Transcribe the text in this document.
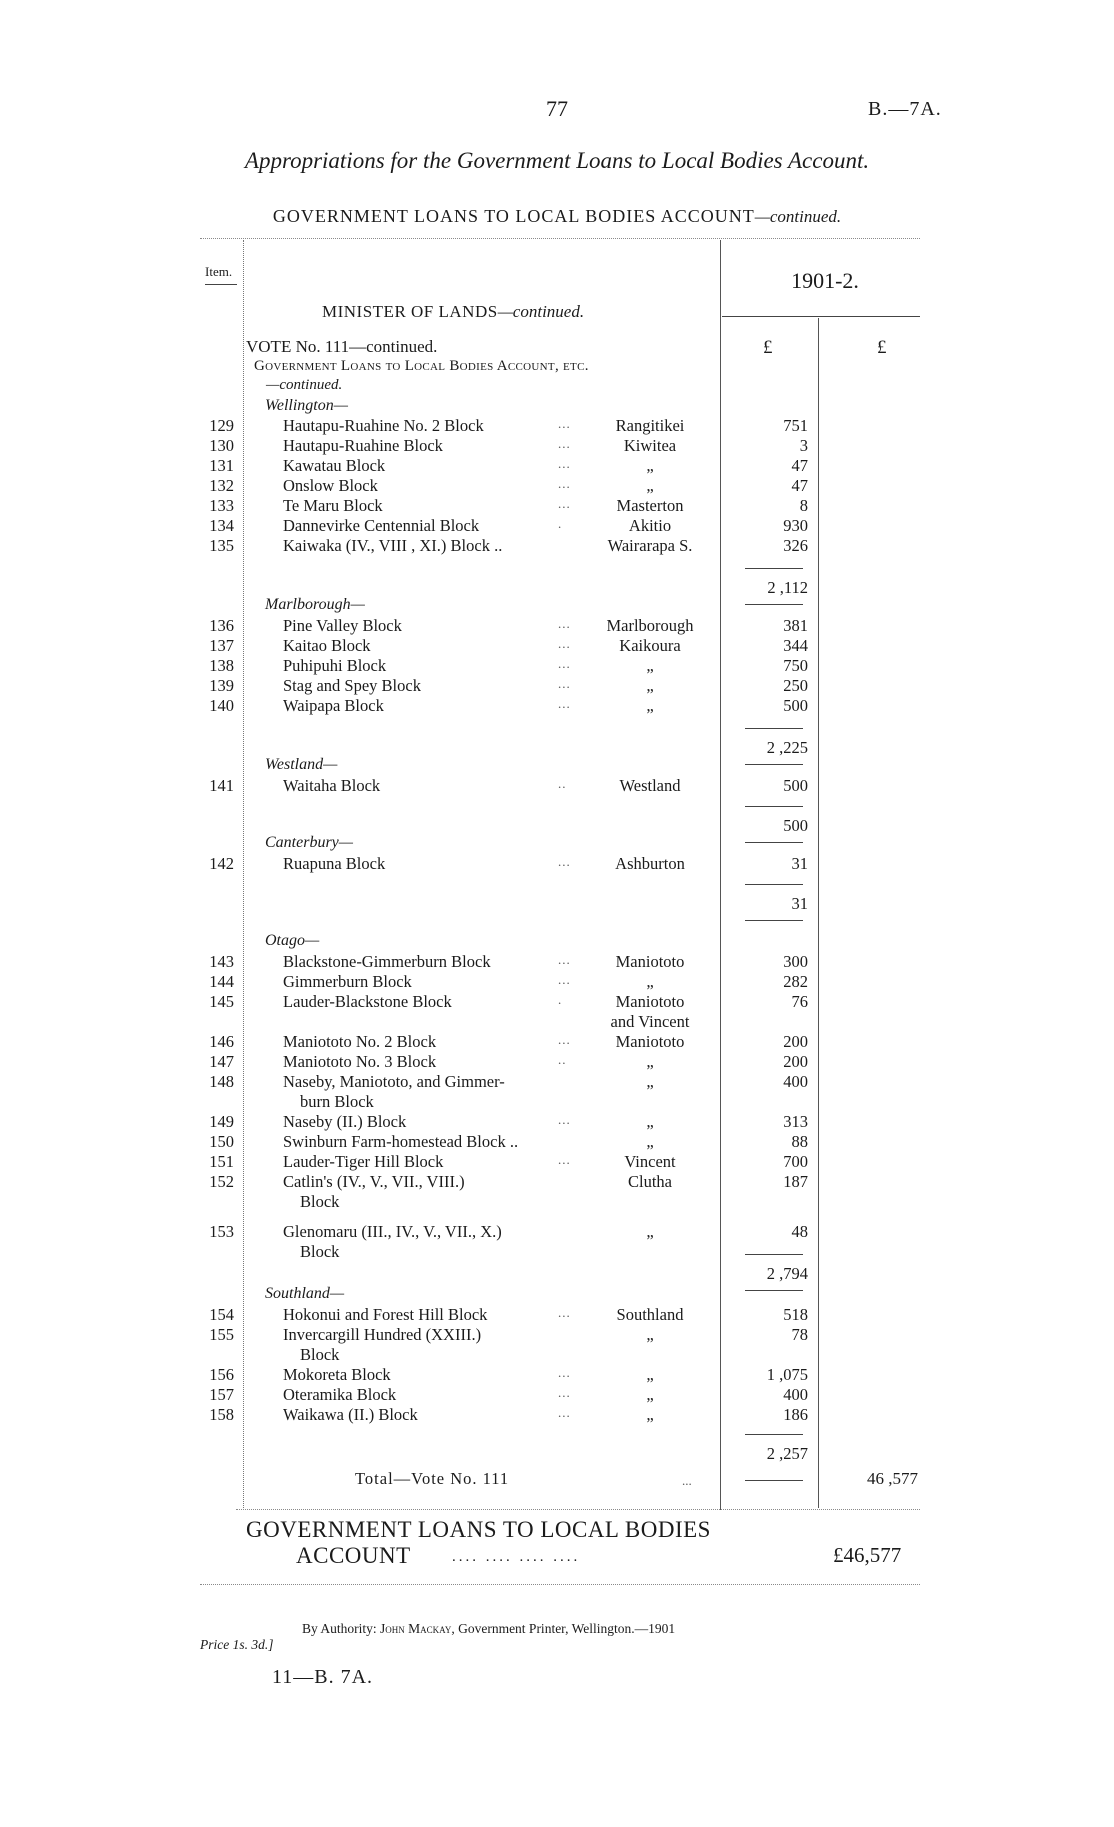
77	B.—7A.
Appropriations for the Government Loans to Local Bodies Account.
GOVERNMENT LOANS TO LOCAL BODIES ACCOUNT—continued.
Item.	1901-2.
MINISTER OF LANDS—continued.
£	£
VOTE No. 111—continued.
Government Loans to Local Bodies Account, etc.
—continued.
Wellington—
129	Hautapu-Ruahine No. 2 Block	...	Rangitikei	751
130	Hautapu-Ruahine Block	...	Kiwitea	3
131	Kawatau Block	...	„	47
132	Onslow Block	...	„	47
133	Te Maru Block	...	Masterton	8
134	Dannevirke Centennial Block	.	Akitio	930
135	Kaiwaka (IV., VIII , XI.) Block ..	Wairarapa S.	326
2 ,112
Marlborough—
136	Pine Valley Block	...	Marlborough	381
137	Kaitao Block	...	Kaikoura	344
138	Puhipuhi Block	...	„	750
139	Stag and Spey Block	...	„	250
140	Waipapa Block	...	„	500
2 ,225
Westland—
141	Waitaha Block	..	Westland	500
500
Canterbury—
142	Ruapuna Block	...	Ashburton	31
31
Otago—
143	Blackstone-Gimmerburn Block	...	Maniototo	300
144	Gimmerburn Block	...	„	282
145	Lauder-Blackstone Block	.	Maniototo	76
and Vincent
146	Maniototo No. 2 Block	...	Maniototo	200
147	Maniototo No. 3 Block	..	„	200
148	Naseby, Maniototo, and Gimmer-	„	400
burn Block
149	Naseby (II.) Block	...	„	313
150	Swinburn Farm-homestead Block ..	„	88
151	Lauder-Tiger Hill Block	...	Vincent	700
152	Catlin's (IV., V., VII., VIII.)	Clutha	187
Block
153	Glenomaru (III., IV., V., VII., X.)	„	48
Block
2 ,794
Southland—
154	Hokonui and Forest Hill Block	...	Southland	518
155	Invercargill Hundred (XXIII.)	„	78
Block
156	Mokoreta Block	...	„	1 ,075
157	Oteramika Block	...	„	400
158	Waikawa (II.) Block	...	„	186
2 ,257
Total—Vote No. 111	...	46 ,577
GOVERNMENT LOANS TO LOCAL BODIES
ACCOUNT	.... .... .... ....	£46,577
By Authority: John Mackay, Government Printer, Wellington.—1901
Price 1s. 3d.]
11—B. 7A.
